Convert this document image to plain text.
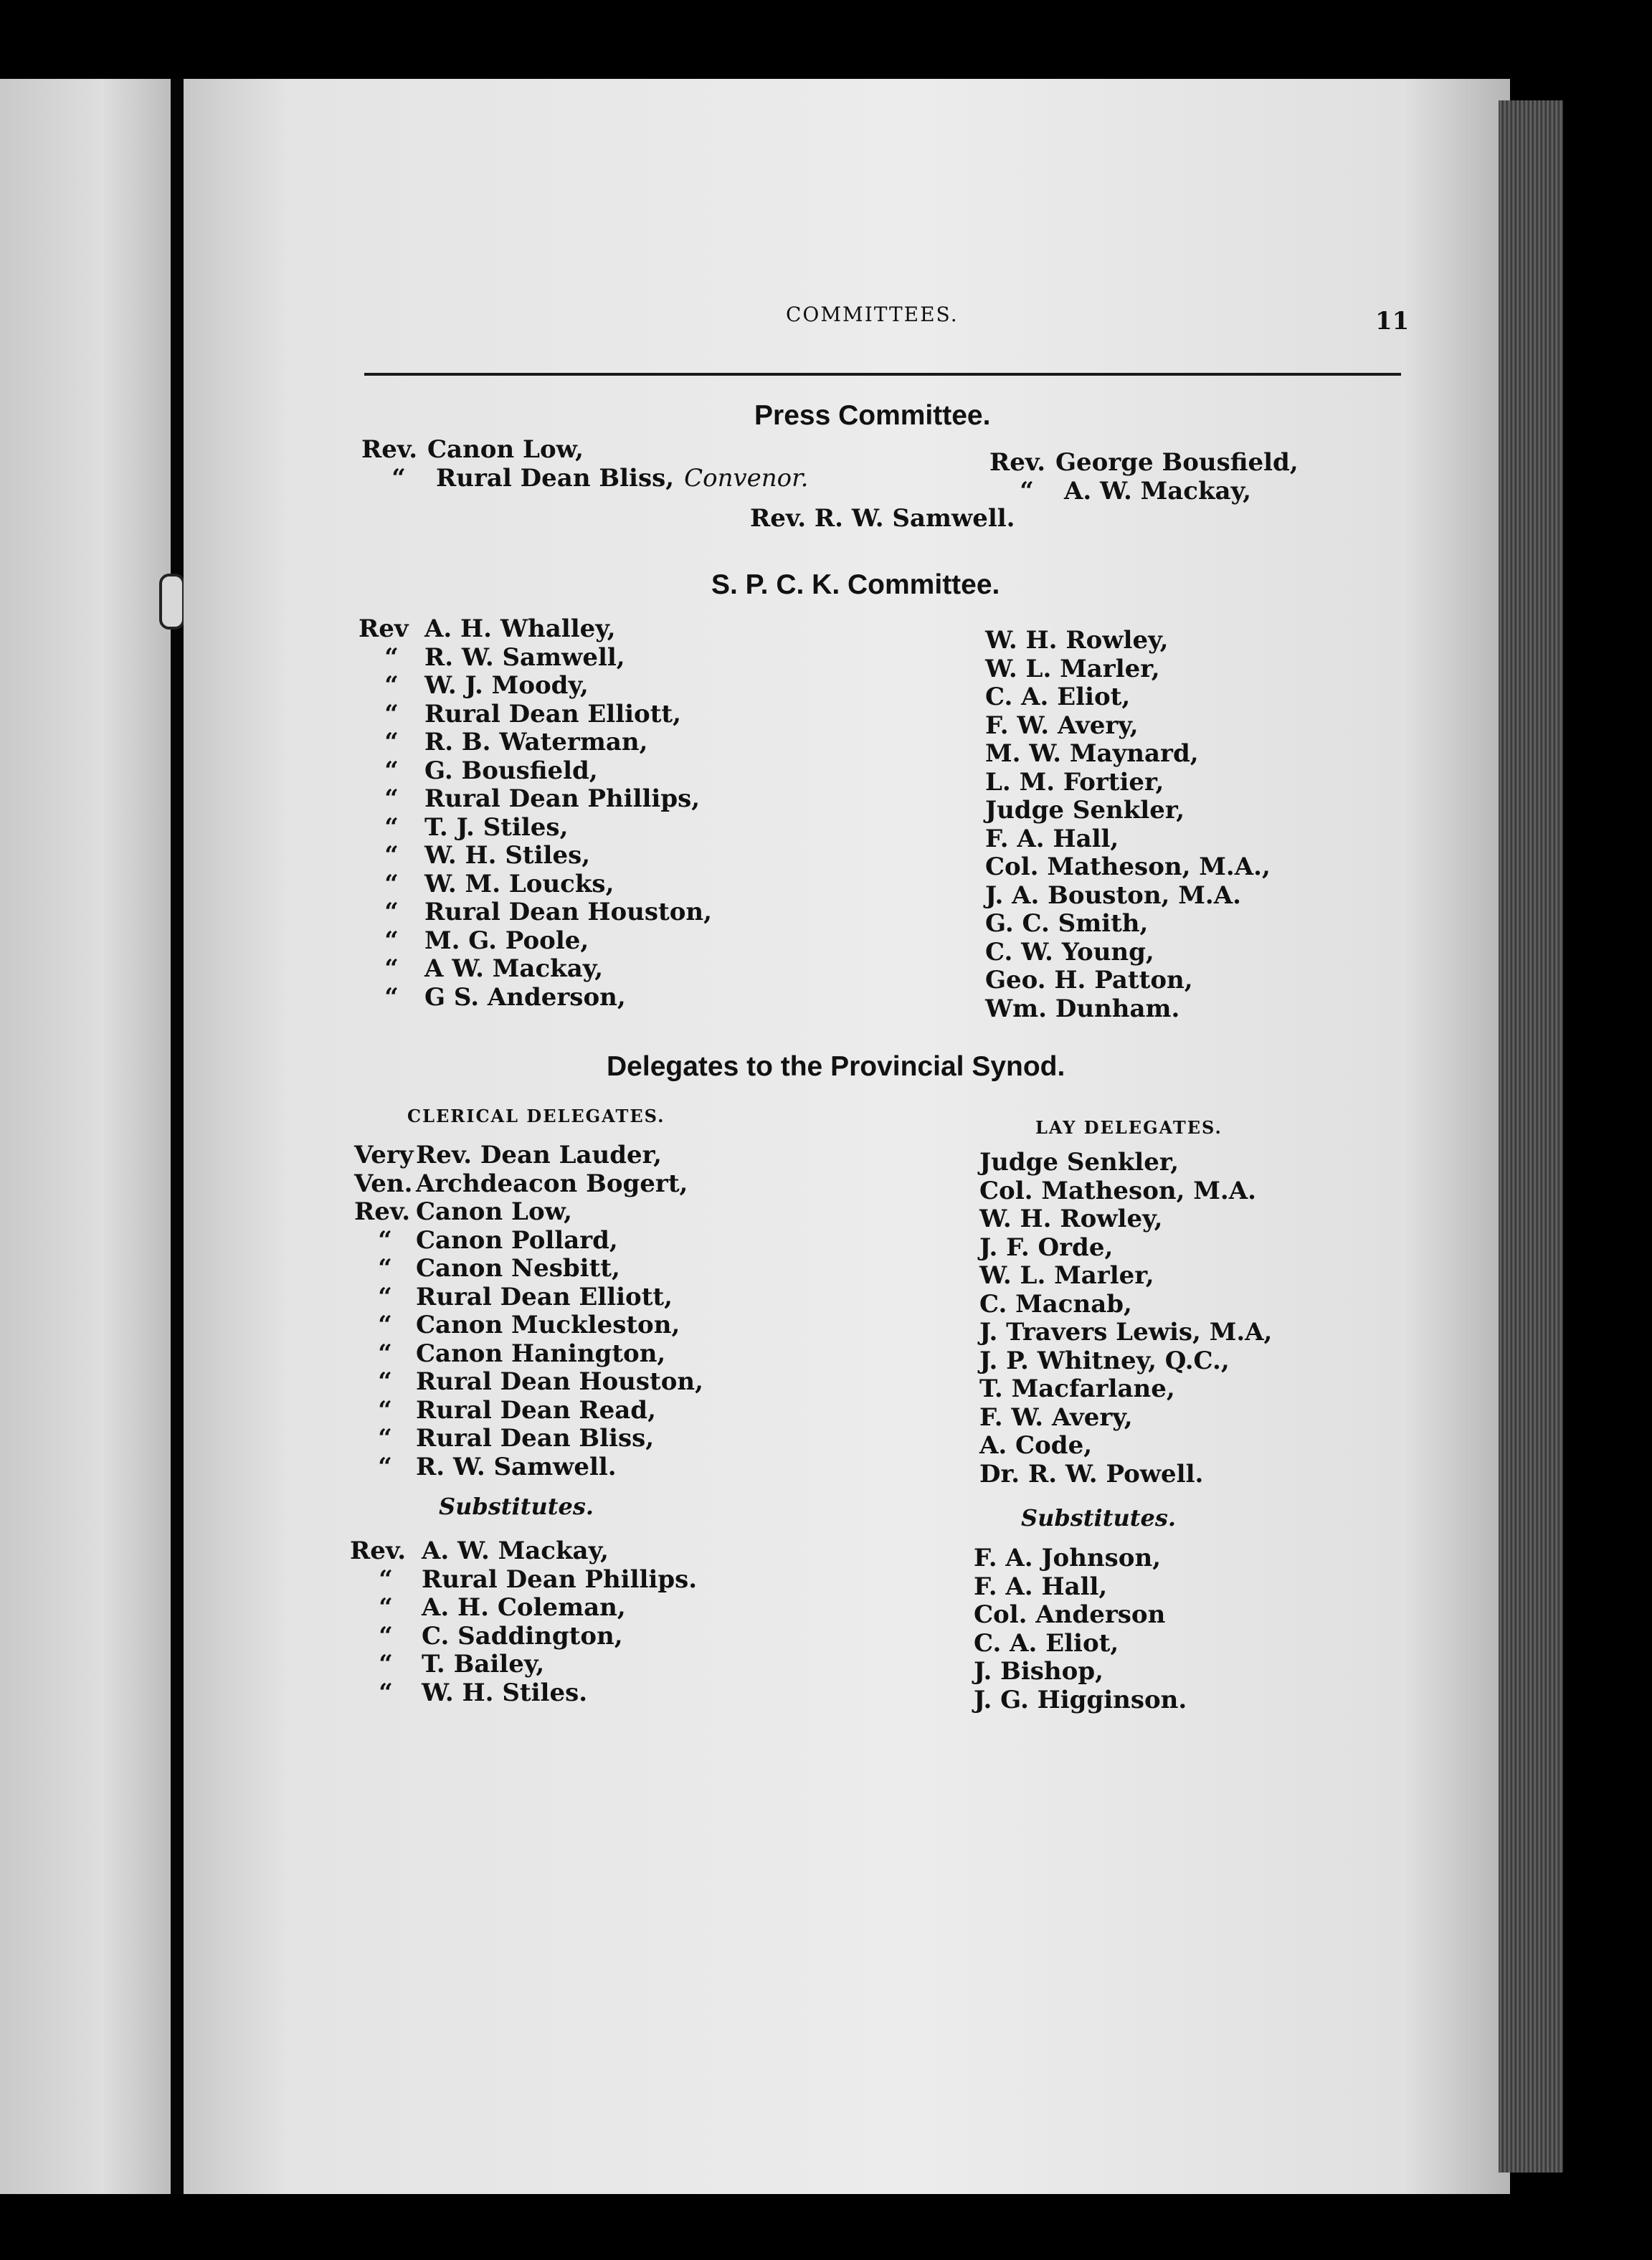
COMMITTEES.	11
Press Committee.
Rev. Canon Low,
“	Rural Dean Bliss, Convenor.
Rev. George Bousfield,
“	A. W. Mackay,
Rev. R. W. Samwell.
S. P. C. K. Committee.
Rev A. H. Whalley,
“	R. W. Samwell,
“	W. J. Moody,
“	Rural Dean Elliott,
“	R. B. Waterman,
“	G. Bousfield,
“	Rural Dean Phillips,
“	T. J. Stiles,
“	W. H. Stiles,
“	W. M. Loucks,
“	Rural Dean Houston,
“	M. G. Poole,
“	A W. Mackay,
“	G S. Anderson,
W. H. Rowley,
W. L. Marler,
C. A. Eliot,
F. W. Avery,
M. W. Maynard,
L. M. Fortier,
Judge Senkler,
F. A. Hall,
Col. Matheson, M.A.,
J. A. Bouston, M.A.
G. C. Smith,
C. W. Young,
Geo. H. Patton,
Wm. Dunham.
Delegates to the Provincial Synod.
CLERICAL DELEGATES.
LAY DELEGATES.
Very Rev. Dean Lauder,
Ven. Archdeacon Bogert,
Rev. Canon Low,
“ Canon Pollard,
“ Canon Nesbitt,
“ Rural Dean Elliott,
“ Canon Muckleston,
“ Canon Hanington,
“ Rural Dean Houston,
“ Rural Dean Read,
“ Rural Dean Bliss,
“ R. W. Samwell.
Judge Senkler,
Col. Matheson, M.A.
W. H. Rowley,
J. F. Orde,
W. L. Marler,
C. Macnab,
J. Travers Lewis, M.A,
J. P. Whitney, Q.C.,
T. Macfarlane,
F. W. Avery,
A. Code,
Dr. R. W. Powell.
Substitutes.	Substitutes.
Rev. A. W. Mackay,
“	Rural Dean Phillips.
“	A. H. Coleman,
“	C. Saddington,
“	T. Bailey,
“	W. H. Stiles.
F. A. Johnson,
F. A. Hall,
Col. Anderson
C. A. Eliot,
J. Bishop,
J. G. Higginson.
